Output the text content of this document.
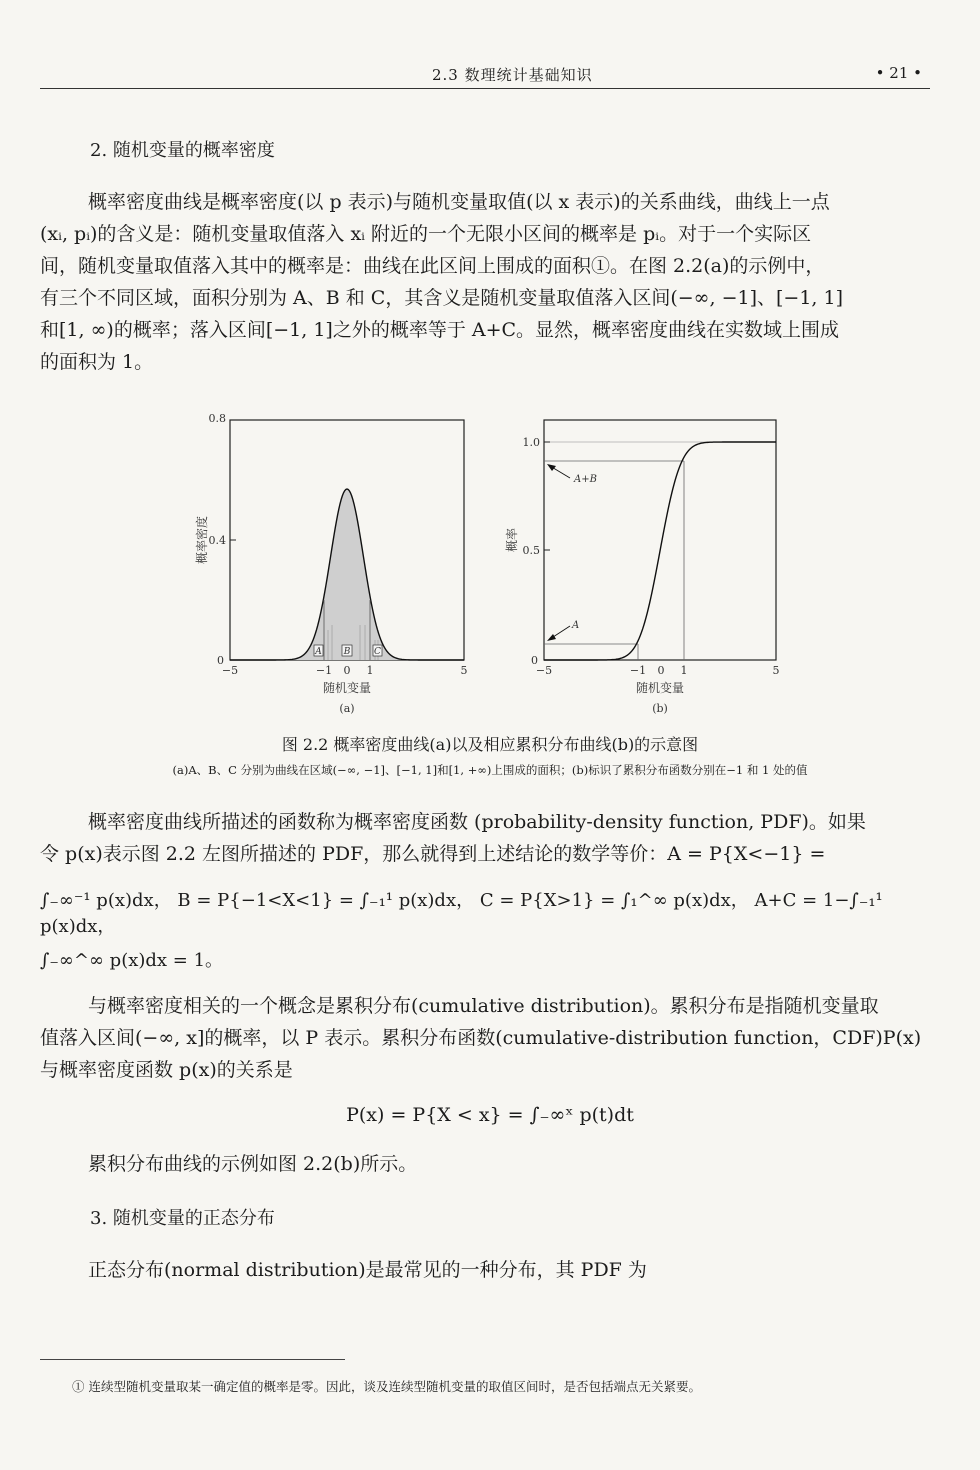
2.3 数理统计基础知识	• 21 •
2. 随机变量的概率密度
概率密度曲线是概率密度(以 p 表示)与随机变量取值(以 x 表示)的关系曲线，曲线上一点
(xᵢ, pᵢ)的含义是：随机变量取值落入 xᵢ 附近的一个无限小区间的概率是 pᵢ。对于一个实际区
间，随机变量取值落入其中的概率是：曲线在此区间上围成的面积①。在图 2.2(a)的示例中，
有三个不同区域，面积分别为 A、B 和 C，其含义是随机变量取值落入区间(−∞, −1]、[−1, 1]
和[1, ∞)的概率；落入区间[−1, 1]之外的概率等于 A+C。显然，概率密度曲线在实数域上围成
的面积为 1。
A B	C
0
0.4
0.8
−5	−1 0 1	5
随机变量
(a)
概率密度
0
0.5
1.0
−5	−1 0 1	5
随机变量
(b)
概率
A+B
A
图 2.2 概率密度曲线(a)以及相应累积分布曲线(b)的示意图
(a)A、B、C 分别为曲线在区域(−∞, −1]、[−1, 1]和[1, +∞)上围成的面积；(b)标识了累积分布函数分别在−1 和 1 处的值
概率密度曲线所描述的函数称为概率密度函数 (probability-density function, PDF)。如果
令 p(x)表示图 2.2 左图所描述的 PDF，那么就得到上述结论的数学等价：A = P{X<−1} =
∫₋∞⁻¹ p(x)dx， B = P{−1<X<1} = ∫₋₁¹ p(x)dx， C = P{X>1} = ∫₁^∞ p(x)dx， A+C = 1−∫₋₁¹ p(x)dx，
∫₋∞^∞ p(x)dx = 1。
与概率密度相关的一个概念是累积分布(cumulative distribution)。累积分布是指随机变量取
值落入区间(−∞, x]的概率，以 P 表示。累积分布函数(cumulative-distribution function，CDF)P(x)
与概率密度函数 p(x)的关系是
P(x) = P{X < x} = ∫₋∞ˣ p(t)dt
累积分布曲线的示例如图 2.2(b)所示。
3. 随机变量的正态分布
正态分布(normal distribution)是最常见的一种分布，其 PDF 为
① 连续型随机变量取某一确定值的概率是零。因此，谈及连续型随机变量的取值区间时，是否包括端点无关紧要。
